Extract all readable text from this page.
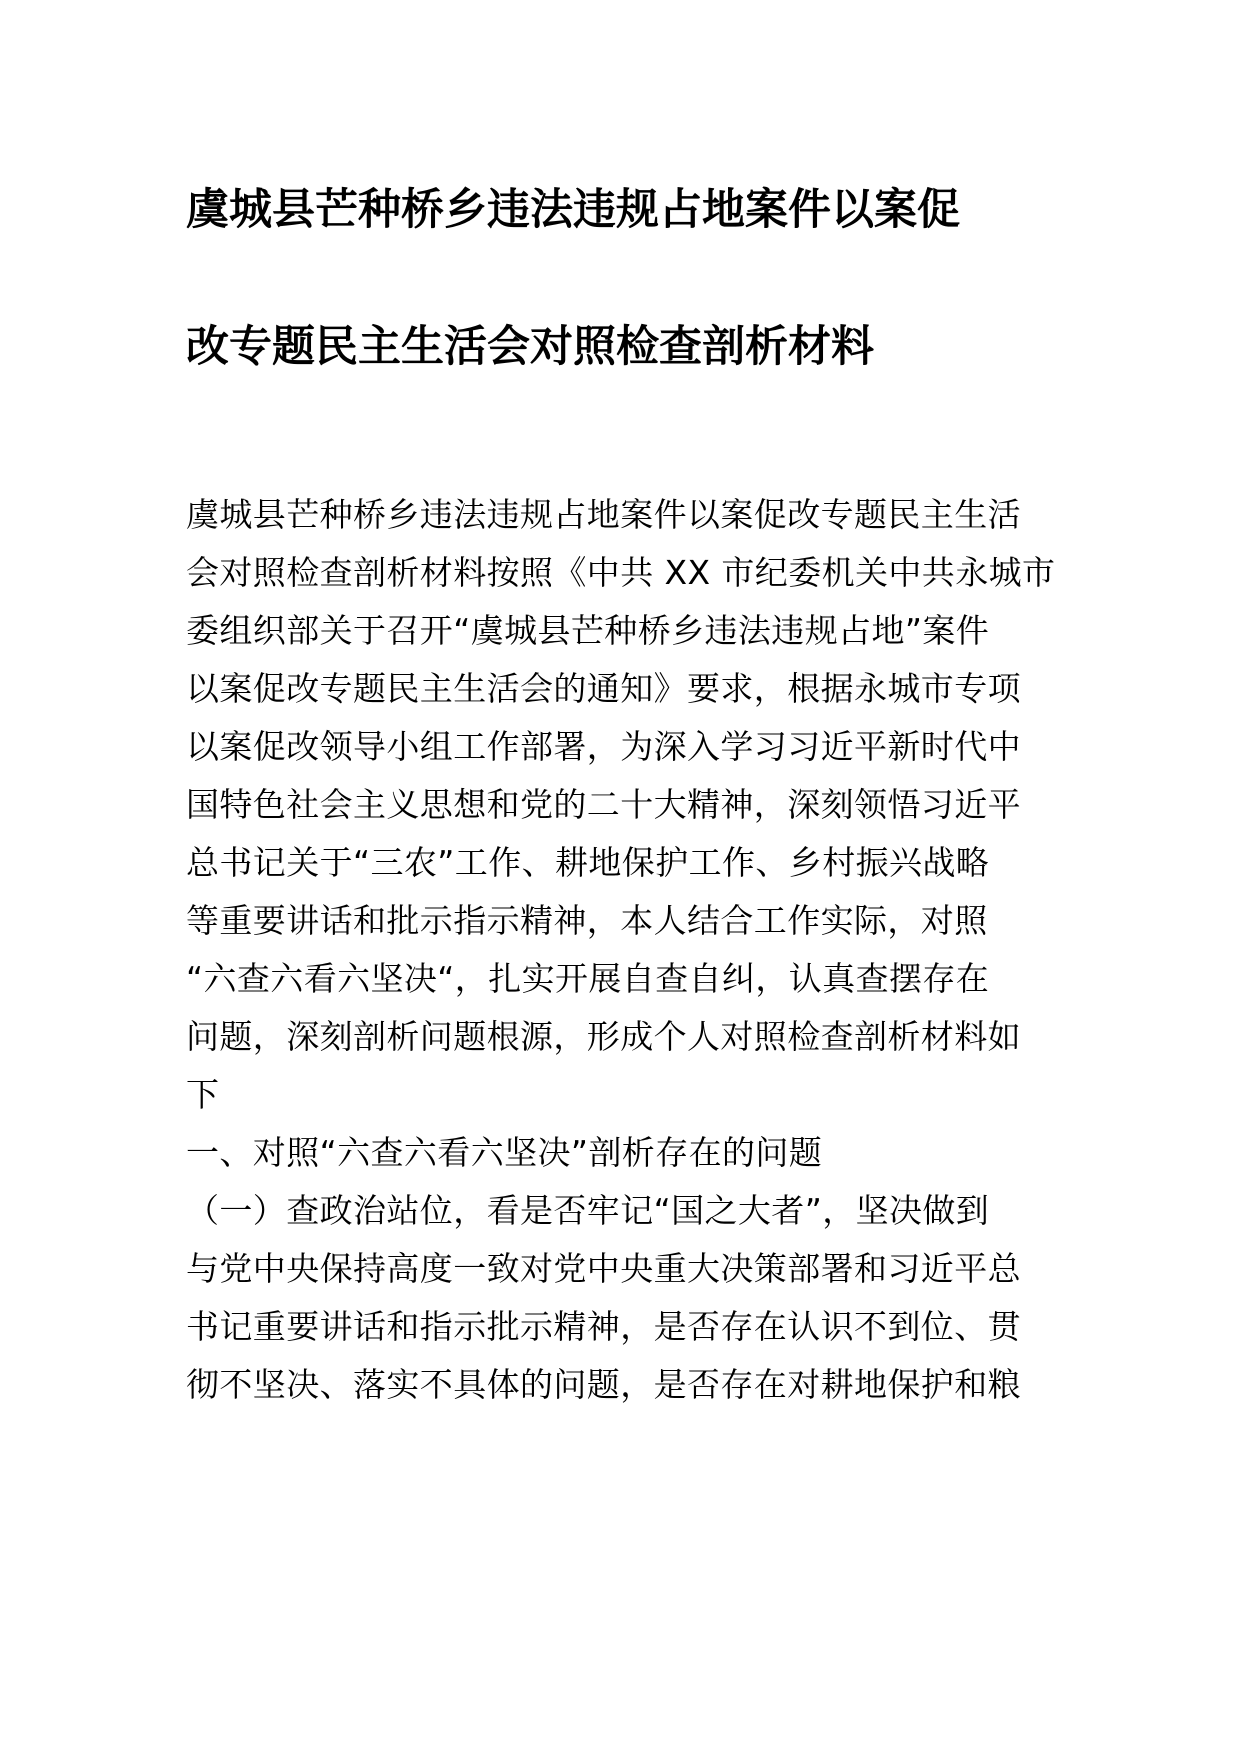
虞城县芒种桥乡违法违规占地案件以案促
改专题民主生活会对照检查剖析材料
虞城县芒种桥乡违法违规占地案件以案促改专题民主生活
会对照检查剖析材料按照《中共 XX 市纪委机关中共永城市
委组织部关于召开“虞城县芒种桥乡违法违规占地”案件
以案促改专题民主生活会的通知》要求，根据永城市专项
以案促改领导小组工作部署，为深入学习习近平新时代中
国特色社会主义思想和党的二十大精神，深刻领悟习近平
总书记关于“三农”工作、耕地保护工作、乡村振兴战略
等重要讲话和批示指示精神，本人结合工作实际，对照
“六查六看六坚决“，扎实开展自查自纠，认真查摆存在
问题，深刻剖析问题根源，形成个人对照检查剖析材料如
下
一、对照“六查六看六坚决”剖析存在的问题
（一）查政治站位，看是否牢记“国之大者”，坚决做到
与党中央保持高度一致对党中央重大决策部署和习近平总
书记重要讲话和指示批示精神，是否存在认识不到位、贯
彻不坚决、落实不具体的问题，是否存在对耕地保护和粮
